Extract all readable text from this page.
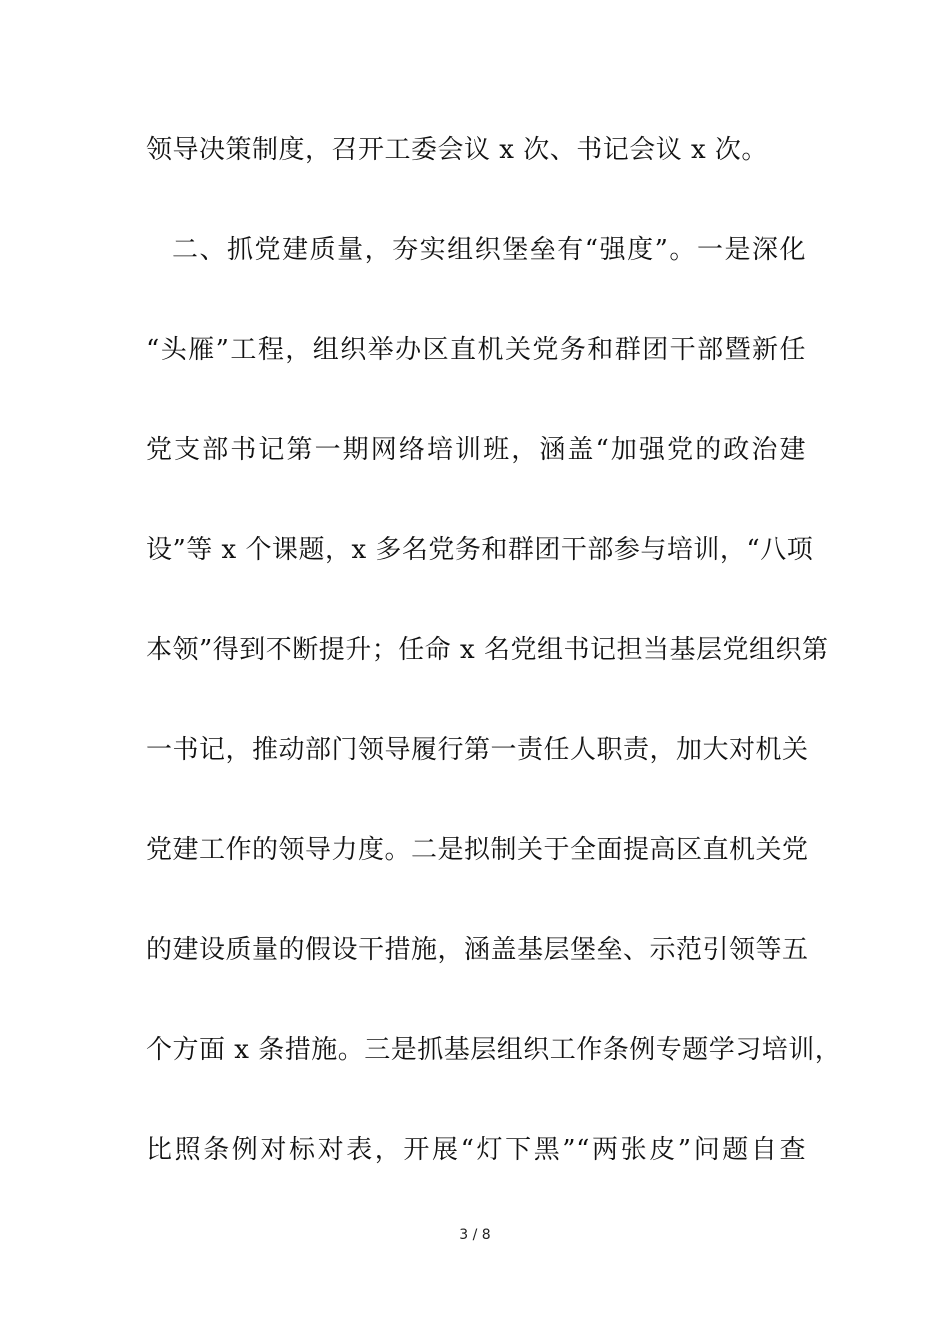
领导决策制度，召开工委会议 x 次、书记会议 x 次。
二、抓党建质量，夯实组织堡垒有“强度”。一是深化
“头雁”工程，组织举办区直机关党务和群团干部暨新任
党支部书记第一期网络培训班，涵盖“加强党的政治建
设”等 x 个课题，x 多名党务和群团干部参与培训，“八项
本领”得到不断提升；任命 x 名党组书记担当基层党组织第
一书记，推动部门领导履行第一责任人职责，加大对机关
党建工作的领导力度。二是拟制关于全面提高区直机关党
的建设质量的假设干措施，涵盖基层堡垒、示范引领等五
个方面 x 条措施。三是抓基层组织工作条例专题学习培训，
比照条例对标对表，开展“灯下黑”“两张皮”问题自查
3 / 8
